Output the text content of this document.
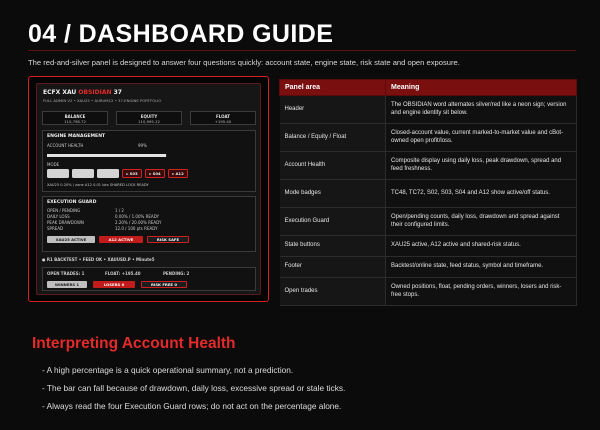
04 / DASHBOARD GUIDE

The red-and-silver panel is designed to answer four questions quickly: account state, engine state, risk state and open exposure.

ECFX XAU OBSIDIAN 37
FULL ADMIN V2 • XAU25 • AURUM12 • 37-ENGINE PORTFOLIO
BALANCE
110,798.72
EQUITY
110,995.12
FLOAT
+195.40
ENGINE MANAGEMENT
ACCOUNT HEALTH	99%
MODE
▸ S03	▸ S04	▸ A12
XAU25 0.20% / zone A12 0.01 lots SHARED LOCK READY
EXECUTION GUARD
OPEN / PENDING	1 / 2
DAILY LOSS	0.00% / 1.00% READY
PEAK DRAWDOWN	2.20% / 20.00% READY
SPREAD	12.0 / 100 pts READY
XAU25 ACTIVE	A12 ACTIVE	RISK SAFE
● R1 BACKTEST • FEED OK • XAUUSD.P • Minute5
OPEN TRADES: 1	FLOAT: +195.40	PENDING: 2
WINNERS 1	LOSERS 0	RISK FREE 0
Panel area	Meaning
Header	The OBSIDIAN word alternates silver/red like a neon sign; version and engine identity sit below.
Balance / Equity / Float	Closed-account value, current marked-to-market value and cBot-owned open profit/loss.
Account Health	Composite display using daily loss, peak drawdown, spread and feed freshness.
Mode badges	TC48, TC72, S02, S03, S04 and A12 show active/off status.
Execution Guard	Open/pending counts, daily loss, drawdown and spread against their configured limits.
State buttons	XAU25 active, A12 active and shared-risk status.
Footer	Backtest/online state, feed status, symbol and timeframe.
Open trades	Owned positions, float, pending orders, winners, losers and risk-free stops.
Interpreting Account Health
- A high percentage is a quick operational summary, not a prediction.
- The bar can fall because of drawdown, daily loss, excessive spread or stale ticks.
- Always read the four Execution Guard rows; do not act on the percentage alone.
